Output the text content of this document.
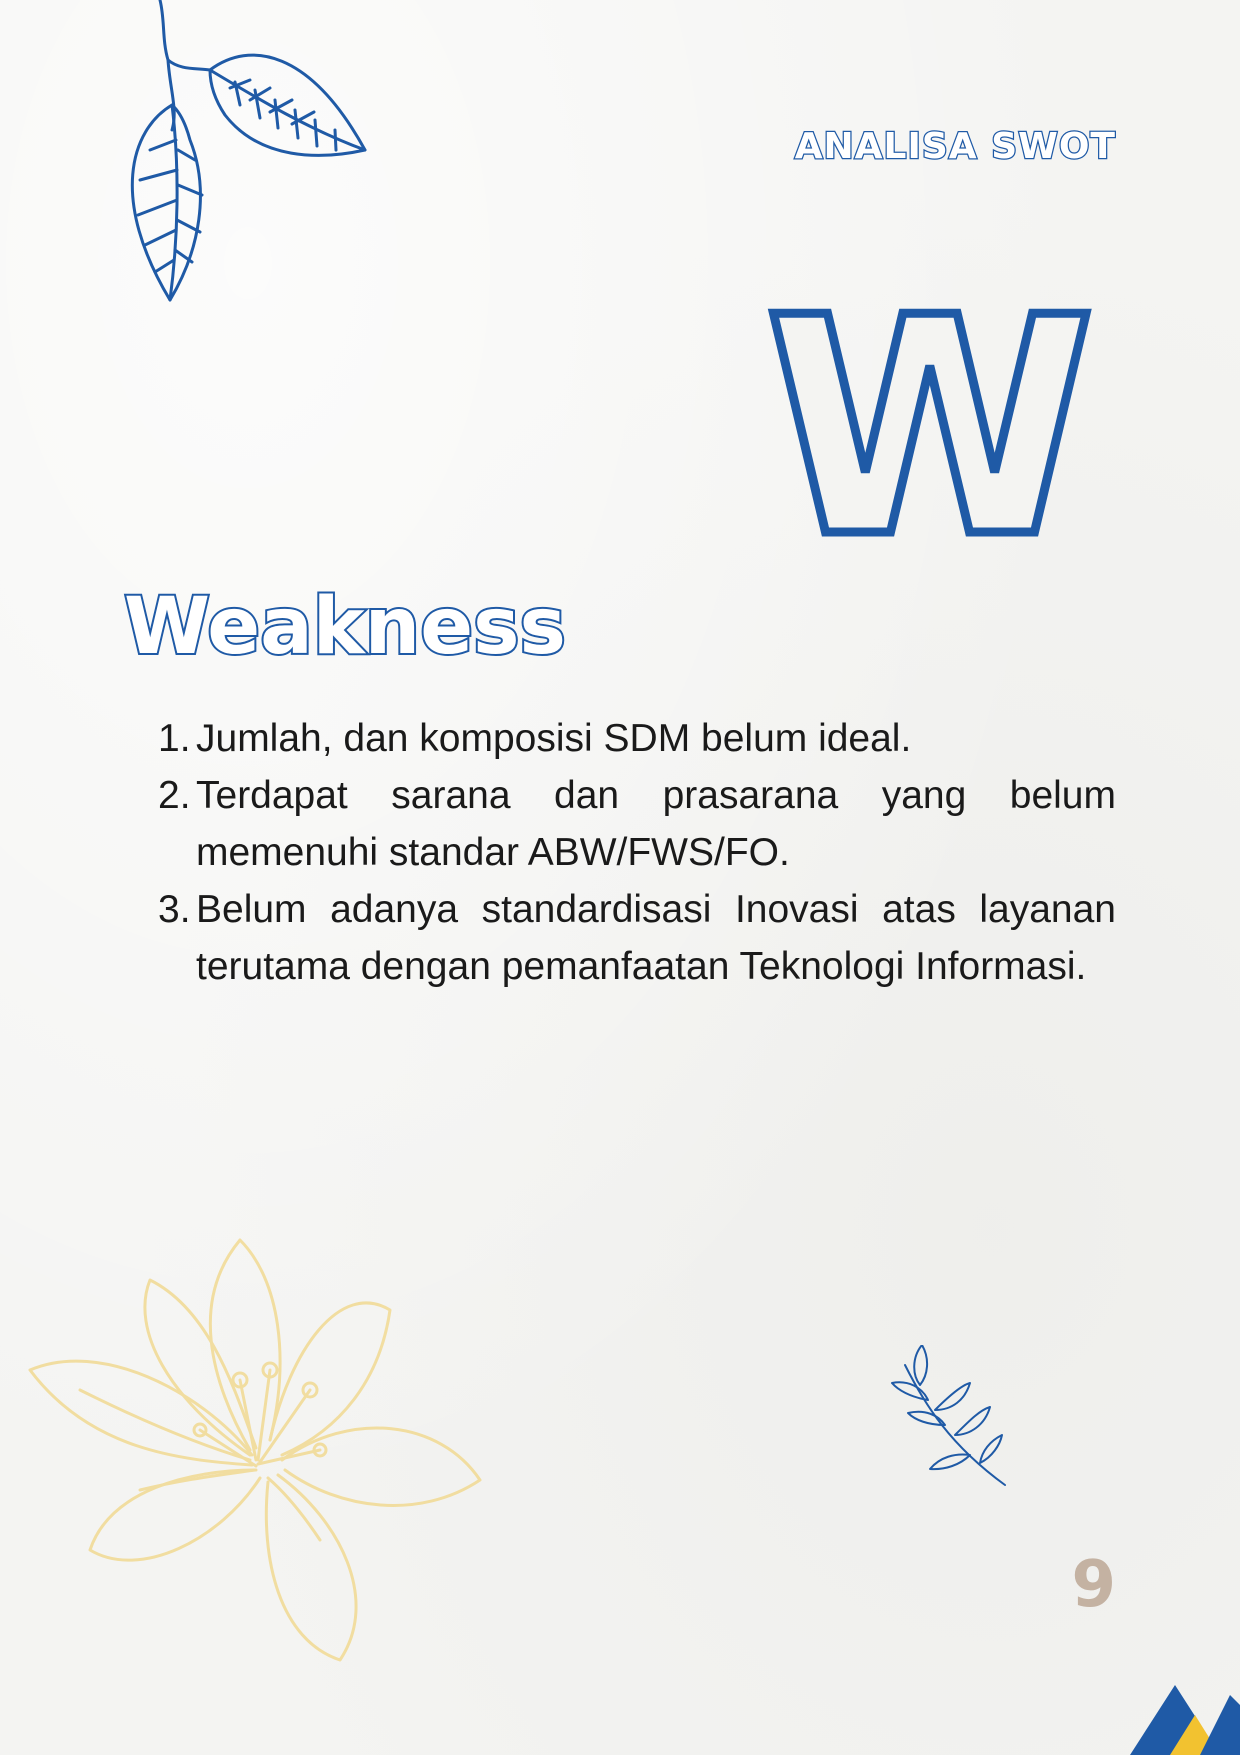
ANALISA SWOT
W
Weakness
1. Jumlah, dan komposisi SDM belum ideal.
2. Terdapat sarana dan prasarana yang belum memenuhi standar ABW/FWS/FO.
3. Belum adanya standardisasi Inovasi atas layanan terutama dengan pemanfaatan Teknologi Informasi.
9
